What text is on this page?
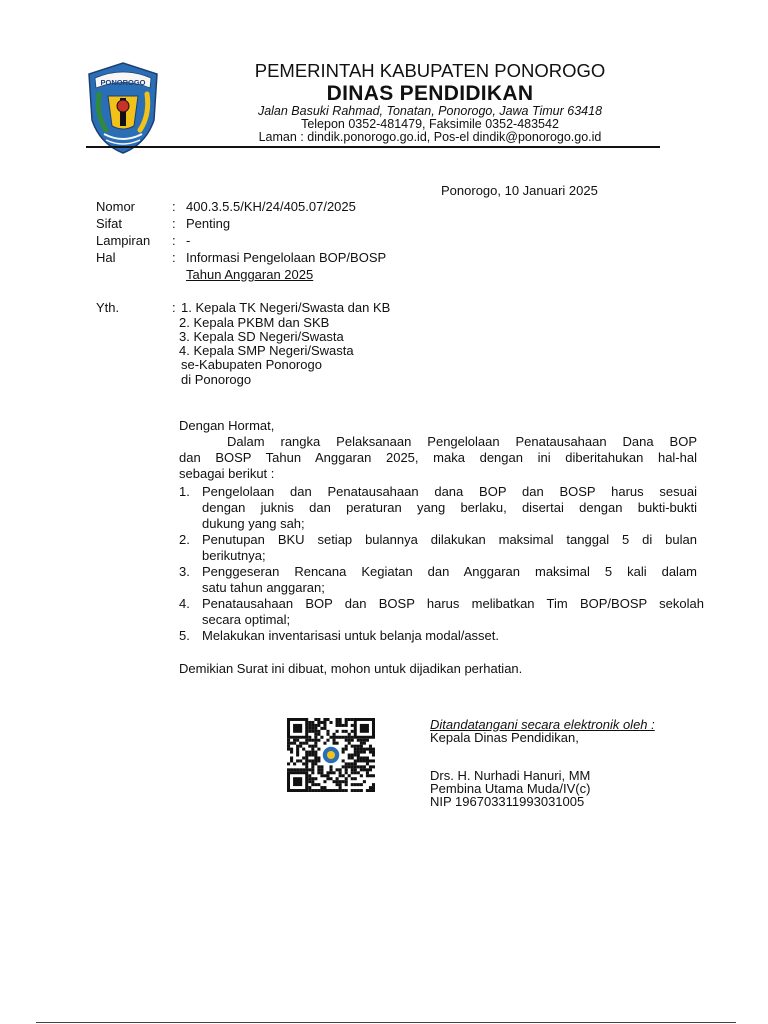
PONOROGO
PEMERINTAH KABUPATEN PONOROGO
DINAS PENDIDIKAN
Jalan Basuki Rahmad, Tonatan, Ponorogo, Jawa Timur 63418
Telepon 0352-481479, Faksimile 0352-483542
Laman : dindik.ponorogo.go.id, Pos-el dindik@ponorogo.go.id
Ponorogo, 10 Januari 2025
Nomor	: 400.3.5.5/KH/24/405.07/2025
Sifat	: Penting
Lampiran : -
Hal	: Informasi Pengelolaan BOP/BOSP
Tahun Anggaran 2025
Yth.	: 1. Kepala TK Negeri/Swasta dan KB
2. Kepala PKBM dan SKB
3. Kepala SD Negeri/Swasta
4. Kepala SMP Negeri/Swasta
se-Kabupaten Ponorogo
di Ponorogo
Dengan Hormat,
Dalam rangka Pelaksanaan Pengelolaan Penatausahaan Dana BOP
dan BOSP Tahun Anggaran 2025, maka dengan ini diberitahukan hal-hal
sebagai berikut :
1. Pengelolaan dan Penatausahaan dana BOP dan BOSP harus sesuai
dengan juknis dan peraturan yang berlaku, disertai dengan bukti-bukti
dukung yang sah;
2. Penutupan BKU setiap bulannya dilakukan maksimal tanggal 5 di bulan
berikutnya;
3. Penggeseran Rencana Kegiatan dan Anggaran maksimal 5 kali dalam
satu tahun anggaran;
4. Penatausahaan BOP dan BOSP harus melibatkan Tim BOP/BOSP sekolah
secara optimal;
5. Melakukan inventarisasi untuk belanja modal/asset.
Demikian Surat ini dibuat, mohon untuk dijadikan perhatian.
Ditandatangani secara elektronik oleh :
Kepala Dinas Pendidikan,
Drs. H. Nurhadi Hanuri, MM
Pembina Utama Muda/IV(c)
NIP 196703311993031005
